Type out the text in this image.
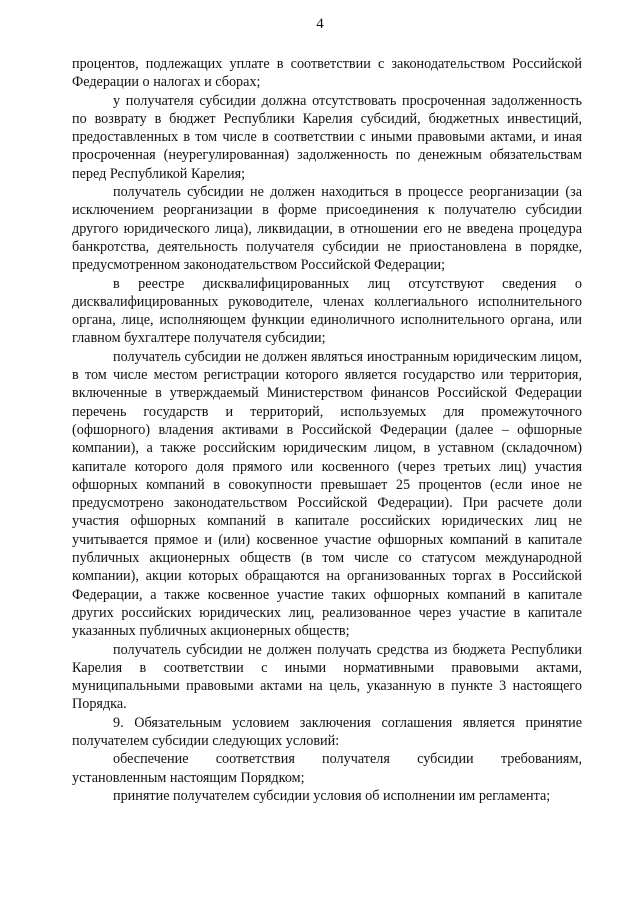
4

процентов, подлежащих уплате в соответствии с законодательством Российской Федерации о налогах и сборах;

у получателя субсидии должна отсутствовать просроченная задолженность по возврату в бюджет Республики Карелия субсидий, бюджетных инвестиций, предоставленных в том числе в соответствии с иными правовыми актами, и иная просроченная (неурегулированная) задолженность по денежным обязательствам перед Республикой Карелия;

получатель субсидии не должен находиться в процессе реорганизации (за исключением реорганизации в форме присоединения к получателю субсидии другого юридического лица), ликвидации, в отношении его не введена процедура банкротства, деятельность получателя субсидии не приостановлена в порядке, предусмотренном законодательством Российской Федерации;

в реестре дисквалифицированных лиц отсутствуют сведения о дисквалифицированных руководителе, членах коллегиального исполнительного органа, лице, исполняющем функции единоличного исполнительного органа, или главном бухгалтере получателя субсидии;

получатель субсидии не должен являться иностранным юридическим лицом, в том числе местом регистрации которого является государство или территория, включенные в утверждаемый Министерством финансов Российской Федерации перечень государств и территорий, используемых для промежуточного (офшорного) владения активами в Российской Федерации (далее – офшорные компании), а также российским юридическим лицом, в уставном (складочном) капитале которого доля прямого или косвенного (через третьих лиц) участия офшорных компаний в совокупности превышает 25 процентов (если иное не предусмотрено законодательством Российской Федерации). При расчете доли участия офшорных компаний в капитале российских юридических лиц не учитывается прямое и (или) косвенное участие офшорных компаний в капитале публичных акционерных обществ (в том числе со статусом международной компании), акции которых обращаются на организованных торгах в Российской Федерации, а также косвенное участие таких офшорных компаний в капитале других российских юридических лиц, реализованное через участие в капитале указанных публичных акционерных обществ;

получатель субсидии не должен получать средства из бюджета Республики Карелия в соответствии с иными нормативными правовыми актами, муниципальными правовыми актами на цель, указанную в пункте 3 настоящего Порядка.

9. Обязательным условием заключения соглашения является принятие получателем субсидии следующих условий:

обеспечение соответствия получателя субсидии требованиям, установленным настоящим Порядком;

принятие получателем субсидии условия об исполнении им регламента;
